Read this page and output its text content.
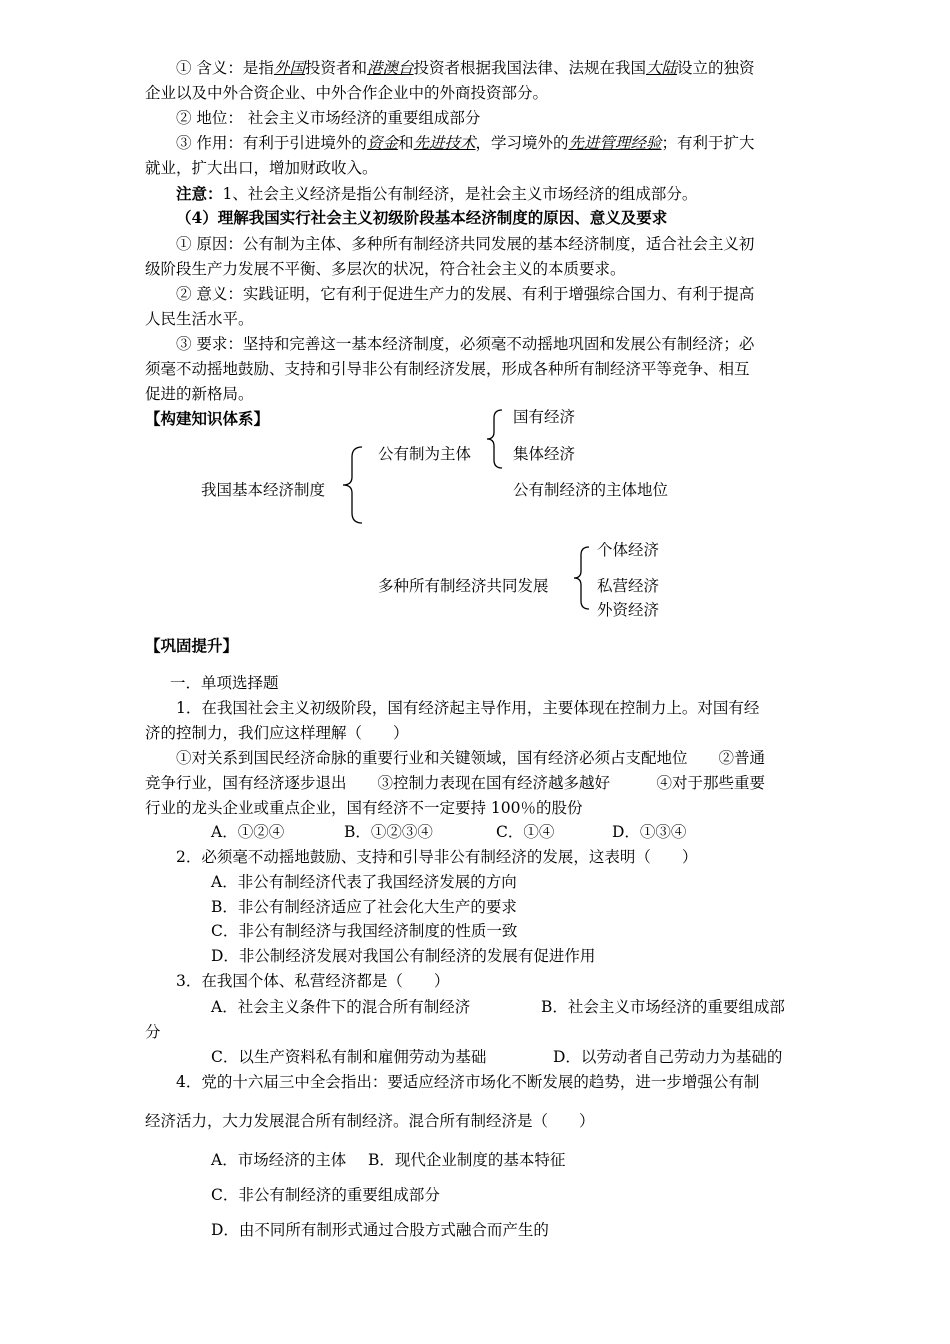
① 含义：是指外国投资者和港澳台投资者根据我国法律、法规在我国大陆设立的独资
企业以及中外合资企业、中外合作企业中的外商投资部分。
② 地位： 社会主义市场经济的重要组成部分
③ 作用：有利于引进境外的资金和先进技术，学习境外的先进管理经验；有利于扩大
就业，扩大出口，增加财政收入。
注意：1、社会主义经济是指公有制经济，是社会主义市场经济的组成部分。
（4）理解我国实行社会主义初级阶段基本经济制度的原因、意义及要求
① 原因：公有制为主体、多种所有制经济共同发展的基本经济制度，适合社会主义初
级阶段生产力发展不平衡、多层次的状况，符合社会主义的本质要求。
② 意义：实践证明，它有利于促进生产力的发展、有利于增强综合国力、有利于提高
人民生活水平。
③ 要求：坚持和完善这一基本经济制度，必须毫不动摇地巩固和发展公有制经济；必
须毫不动摇地鼓励、支持和引导非公有制经济发展，形成各种所有制经济平等竞争、相互
促进的新格局。
【构建知识体系】	国有经济
公有制为主体	集体经济
我国基本经济制度	公有制经济的主体地位
个体经济
多种所有制经济共同发展	私营经济
外资经济
【巩固提升】
一．单项选择题
1．在我国社会主义初级阶段，国有经济起主导作用，主要体现在控制力上。对国有经
济的控制力，我们应这样理解（　　）
①对关系到国民经济命脉的重要行业和关键领域，国有经济必须占支配地位　　②普通
竞争行业，国有经济逐步退出　　③控制力表现在国有经济越多越好　　　④对于那些重要
行业的龙头企业或重点企业，国有经济不一定要持 100％的股份
A．①②④	B．①②③④	C．①④	D．①③④
2．必须毫不动摇地鼓励、支持和引导非公有制经济的发展，这表明（　　）
A．非公有制经济代表了我国经济发展的方向
B．非公有制经济适应了社会化大生产的要求
C．非公有制经济与我国经济制度的性质一致
D．非公制经济发展对我国公有制经济的发展有促进作用
3．在我国个体、私营经济都是（　　）
A．社会主义条件下的混合所有制经济	B．社会主义市场经济的重要组成部
分
C．以生产资料私有制和雇佣劳动为基础	D．以劳动者自己劳动力为基础的
4．党的十六届三中全会指出：要适应经济市场化不断发展的趋势，进一步增强公有制
经济活力，大力发展混合所有制经济。混合所有制经济是（　　）
A．市场经济的主体 B．现代企业制度的基本特征
C．非公有制经济的重要组成部分
D．由不同所有制形式通过合股方式融合而产生的
